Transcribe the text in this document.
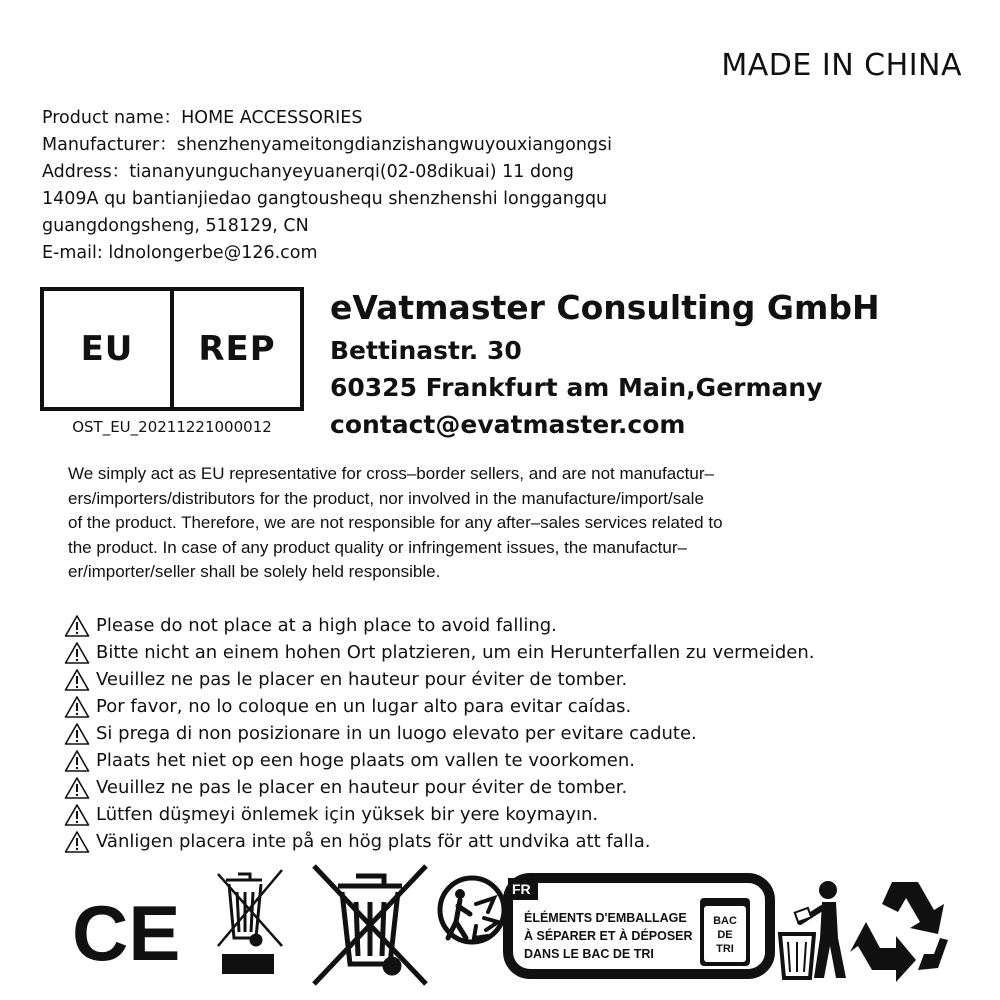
MADE IN CHINA
Product name：HOME ACCESSORIES
Manufacturer：shenzhenyameitongdianzishangwuyouxiangongsi
Address：tiananyunguchanyeyuanerqi(02-08dikuai) 11 dong
1409A qu bantianjiedao gangtoushequ shenzhenshi longgangqu
guangdongsheng, 518129, CN
E-mail: ldnolongerbe@126.com
EU	REP
OST_EU_20211221000012
eVatmaster Consulting GmbH
Bettinastr. 30
60325 Frankfurt am Main,Germany
contact@evatmaster.com

We simply act as EU representative for cross–border sellers, and are not manufactur–

ers/importers/distributors for the product, nor involved in the manufacture/import/sale

of the product. Therefore, we are not responsible for any after–sales services related to

the product. In case of any product quality or infringement issues, the manufactur–

er/importer/seller shall be solely held responsible.

Please do not place at a high place to avoid falling.
Bitte nicht an einem hohen Ort platzieren, um ein Herunterfallen zu vermeiden.
Veuillez ne pas le placer en hauteur pour éviter de tomber.
Por favor, no lo coloque en un lugar alto para evitar caídas.
Si prega di non posizionare in un luogo elevato per evitare cadute.
Plaats het niet op een hoge plaats om vallen te voorkomen.
Veuillez ne pas le placer en hauteur pour éviter de tomber.
Lütfen düşmeyi önlemek için yüksek bir yere koymayın.
Vänligen placera inte på en hög plats för att undvika att falla.
CE	FR
ÉLÉMENTS D'EMBALLAGE
À SÉPARER ET À DÉPOSER
DANS LE BAC DE TRI
BAC
DE
TRI
